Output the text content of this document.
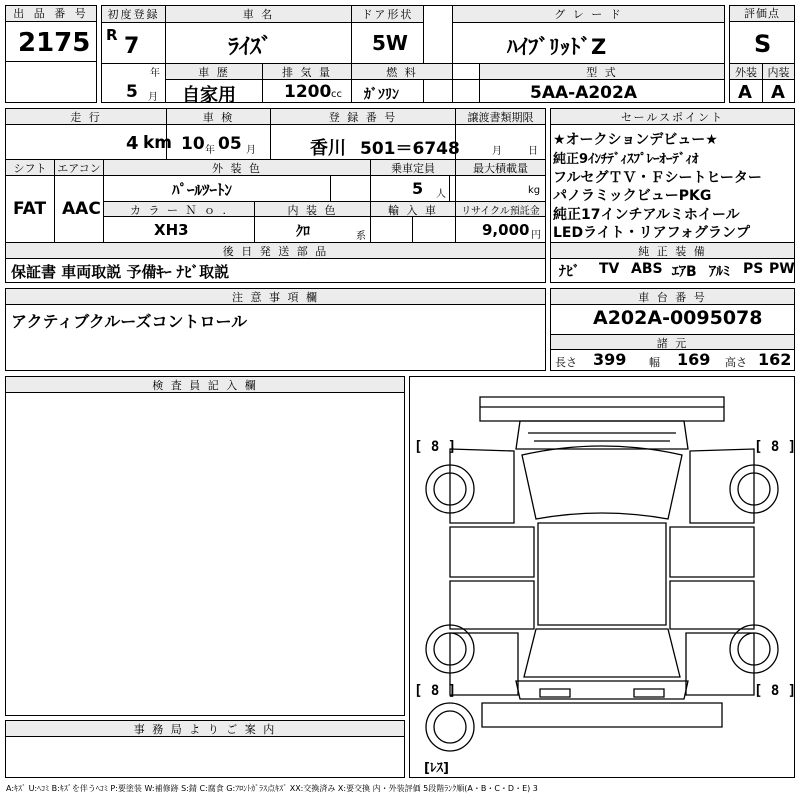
出 品 番 号
2175
初度登録	車 名	ドア形状	グ レ ー ド
R 7
年
ﾗｲｽﾞ	5W	ﾊｲﾌﾞﾘｯﾄﾞZ
車 歴	排 気 量	燃 料	型 式
5 月 自家用	1200 cc ｶﾞｿﾘﾝ	5AA-A202A
評価点
S
外装 内装
A A
走 行	車 検	登 録 番 号	譲渡書類期限
4 km 10 年 05 月	香川 501＝6748	月	日
シフト エアコン	外 装 色	乗車定員	最大積載量
FAT AAC
ﾊﾟｰﾙﾂｰﾄﾝ	5 人	kg
カ ラ ー Ｎ ｏ .	内 装 色	輸 入 車	リサイクル預託金
XH3	ｸﾛ	系	9,000 円
後 日 発 送 部 品
保証書 車両取説 予備ｷｰ ﾅﾋﾞ取説
セールスポイント
★オークションデビュー★
純正9ｲﾝﾁﾃﾞｨｽﾌﾟﾚｰｵｰﾃﾞｨｵ
フルセグＴＶ・Ｆシートヒーター
パノラミックビューPKG
純正17インチアルミホイール
LEDライト・リアフォグランプ
純 正 装 備
ﾅﾋﾞ TV ABS ｴｱB ｱﾙﾐ PS PW
注 意 事 項 欄
アクティブクルーズコントロール
車 台 番 号
A202A-0095078
諸 元
長さ 399 幅 169 高さ 162
検 査 員 記 入 欄
事 務 局 よ り ご 案 内
[ 8 ]	[ 8 ]
[ 8 ]	[ 8 ]
[ﾚｽ]
A:ｷｽﾞ U:ﾍｺﾐ B:ｷｽﾞを伴うﾍｺﾐ P:要塗装 W:補修跡 S:錆 C:腐食 G:ﾌﾛﾝﾄｶﾞﾗｽ点ｷｽﾞ XX:交換済み X:要交換 内・外装評価 5段階ﾗﾝｸ順(A・B・C・D・E) 3
